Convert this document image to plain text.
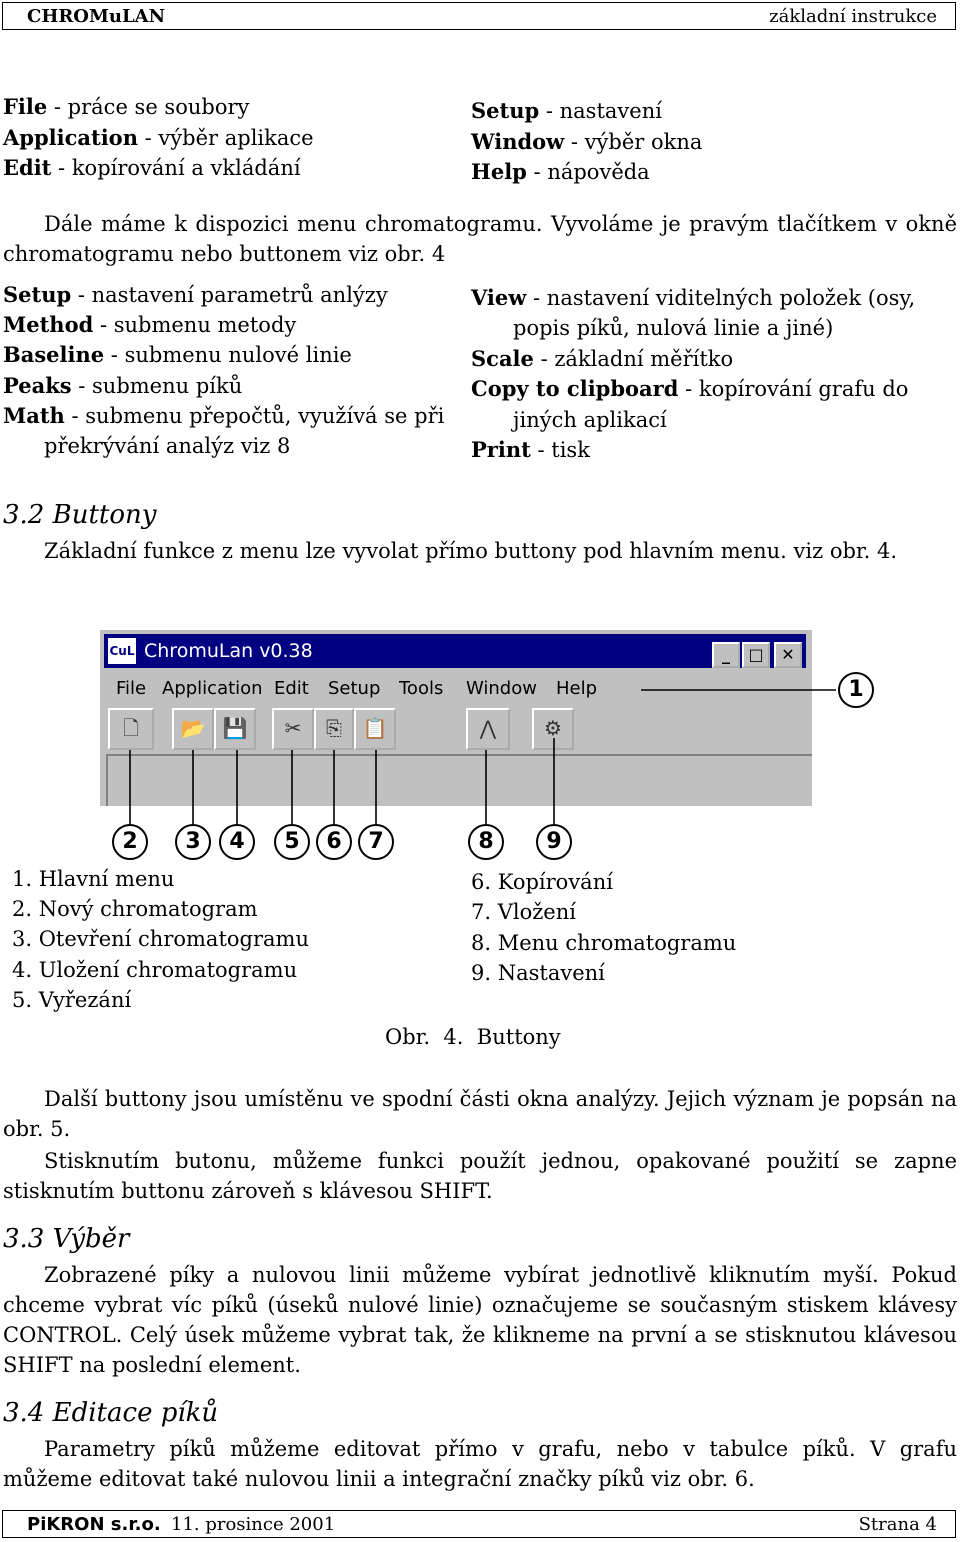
CHROMuLAN	základní instrukce
File - práce se soubory
Application - výběr aplikace
Edit - kopírování a vkládání
Setup - nastavení
Window - výběr okna
Help - nápověda
Dále máme k dispozici menu chromatogramu. Vyvoláme je pravým tlačítkem v okně chromatogramu nebo buttonem viz obr. 4
Setup - nastavení parametrů anlýzy
Method - submenu metody
Baseline - submenu nulové linie
Peaks - submenu píků
Math - submenu přepočtů, využívá se při
překrývání analýz viz 8
View - nastavení viditelných položek (osy,
popis píků, nulová linie a jiné)
Scale - základní měřítko
Copy to clipboard - kopírování grafu do
jiných aplikací
Print - tisk
3.2 Buttony
Základní funkce z menu lze vyvolat přímo buttony pod hlavním menu. viz obr. 4.
CuL ChromuLan v0.38	_	□	✕
File Application Edit Setup Tools Window Help
🗋	📂 💾	✂	⎘	📋	⋀	⚙
1
2	3	4	5	6	7	8	9
1. Hlavní menu
2. Nový chromatogram
3. Otevření chromatogramu
4. Uložení chromatogramu
5. Vyřezání
6. Kopírování
7. Vložení
8. Menu chromatogramu
9. Nastavení
Obr.  4.  Buttony
Další buttony jsou umístěnu ve spodní části okna analýzy. Jejich význam je popsán na obr. 5.
Stisknutím butonu, můžeme funkci použít jednou, opakované použití se zapne stisknutím buttonu zároveň s klávesou SHIFT.
3.3 Výběr
Zobrazené píky a nulovou linii můžeme vybírat jednotlivě kliknutím myší. Pokud chceme vybrat víc píků (úseků nulové linie) označujeme se současným stiskem klávesy CONTROL. Celý úsek můžeme vybrat tak, že klikneme na první a se stisknutou klávesou SHIFT na poslední element.
3.4 Editace píků
Parametry píků můžeme editovat přímo v grafu, nebo v tabulce píků. V grafu můžeme editovat také nulovou linii a integrační značky píků viz obr. 6.
PiKRON s.r.o. 11. prosince 2001	Strana 4
